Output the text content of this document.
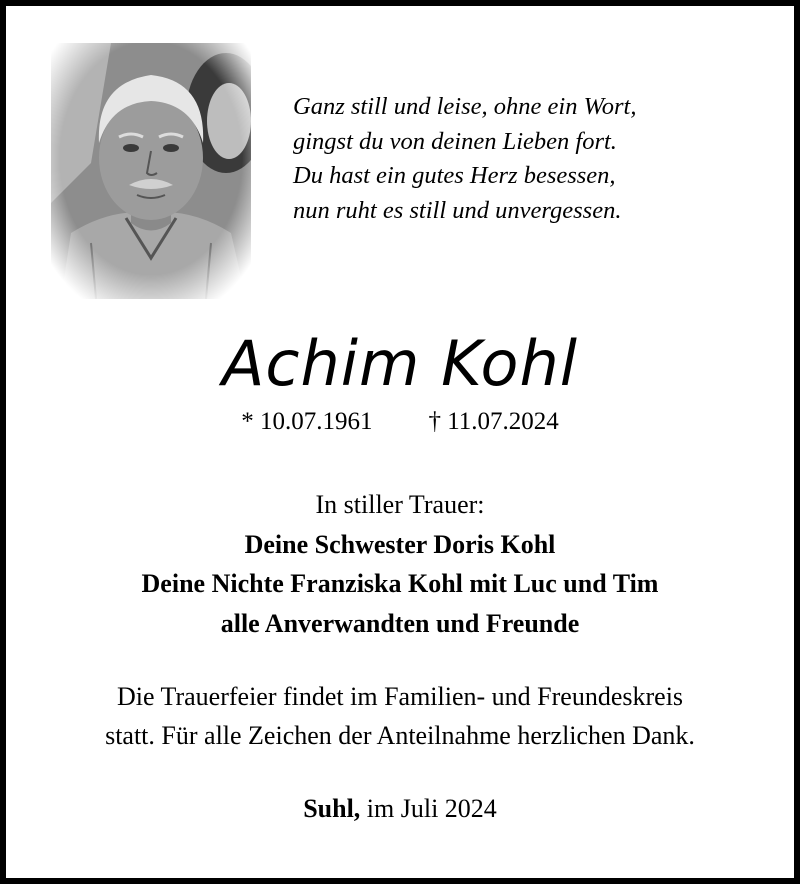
Ganz still und leise, ohne ein Wort,
gingst du von deinen Lieben fort.
Du hast ein gutes Herz besessen,
nun ruht es still und unvergessen.
Achim Kohl
* 10.07.1961 † 11.07.2024
In stiller Trauer:
Deine Schwester Doris Kohl
Deine Nichte Franziska Kohl mit Luc und Tim
alle Anverwandten und Freunde
Die Trauerfeier findet im Familien- und Freundeskreis
statt. Für alle Zeichen der Anteilnahme herzlichen Dank.
Suhl, im Juli 2024
